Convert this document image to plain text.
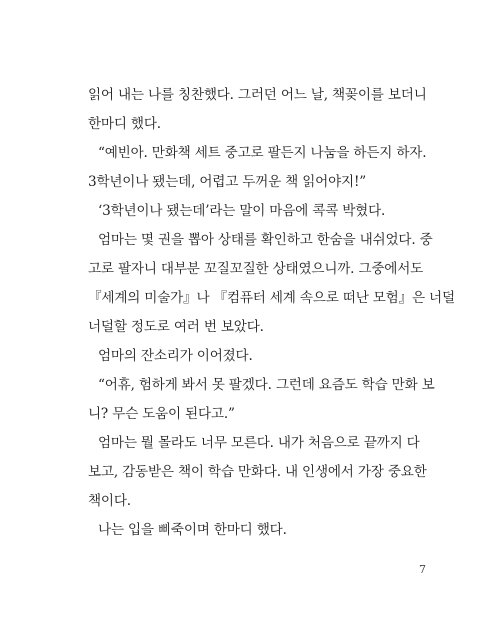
읽어 내는 나를 칭찬했다. 그러던 어느 날, 책꽂이를 보더니
한마디 했다.
“예빈아. 만화책 세트 중고로 팔든지 나눔을 하든지 하자.
3학년이나 됐는데, 어렵고 두꺼운 책 읽어야지!”
‘3학년이나 됐는데’라는 말이 마음에 콕콕 박혔다.
엄마는 몇 권을 뽑아 상태를 확인하고 한숨을 내쉬었다. 중
고로 팔자니 대부분 꼬질꼬질한 상태였으니까. 그중에서도
『세계의 미술가』나 『컴퓨터 세계 속으로 떠난 모험』은 너덜
너덜할 정도로 여러 번 보았다.
엄마의 잔소리가 이어졌다.
“어휴, 험하게 봐서 못 팔겠다. 그런데 요즘도 학습 만화 보
니? 무슨 도움이 된다고.”
엄마는 뭘 몰라도 너무 모른다. 내가 처음으로 끝까지 다
보고, 감동받은 책이 학습 만화다. 내 인생에서 가장 중요한
책이다.
나는 입을 삐죽이며 한마디 했다.
7
